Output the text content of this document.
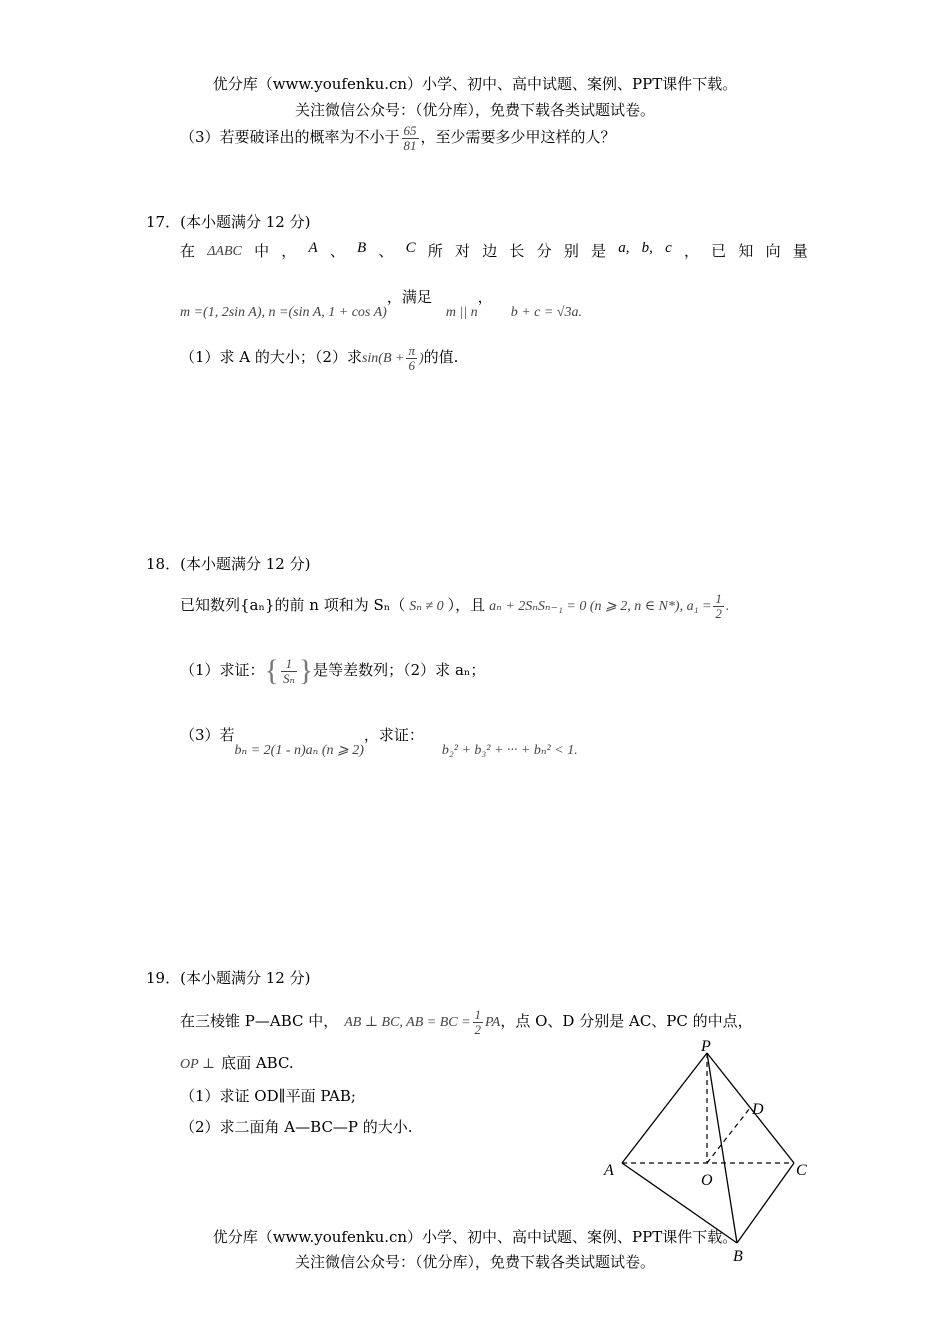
优分库（www.youfenku.cn）小学、初中、高中试题、案例、PPT课件下载。
关注微信公众号：（优分库），免费下载各类试题试卷。
（3）若要破译出的概率为不小于 $\frac{65}{81}$ ，至少需要多少甲这样的人？
17．(本小题满分 12 分)
在 ΔABC 中 ， A 、 B 、 C 所 对 边 长 分 别 是 a, b, c ， 已 知 向 量
m =(1, 2sin A), n =(sin A, 1 + cos A)，满足m || n，b + c = √3a.
（1）求 A 的大小；（2）求$\sin(B + \frac{\pi}{6}$ )的值.
18．(本小题满分 12 分)
已知数列{aₙ}的前 n 项和为 Sₙ（ Sₙ ≠ 0 ），且 aₙ + 2SₙSₙ₋₁ = 0 (n ⩾ 2, n ∈ N*), $a_1 = \frac{1}{2}$ .
（1）求证：{ $\frac{1}{\text{Sₙ}}$ }是等差数列；（2）求 aₙ；
（3）若bₙ = 2(1 - n)aₙ (n ⩾ 2)，求证：b₂² + b₃² + ··· + bₙ² < 1.
19．(本小题满分 12 分)
在三棱锥 P—ABC 中， AB ⊥ BC, AB = BC = $\frac{1}{2}$ PA，点 O、D 分别是 AC、PC 的中点，
OP ⊥ 底面 ABC.
（1）求证 OD∥平面 PAB;
（2）求二面角 A—BC—P 的大小.
P
D
A
O
C
B
优分库（www.youfenku.cn）小学、初中、高中试题、案例、PPT课件下载。
关注微信公众号：（优分库），免费下载各类试题试卷。
